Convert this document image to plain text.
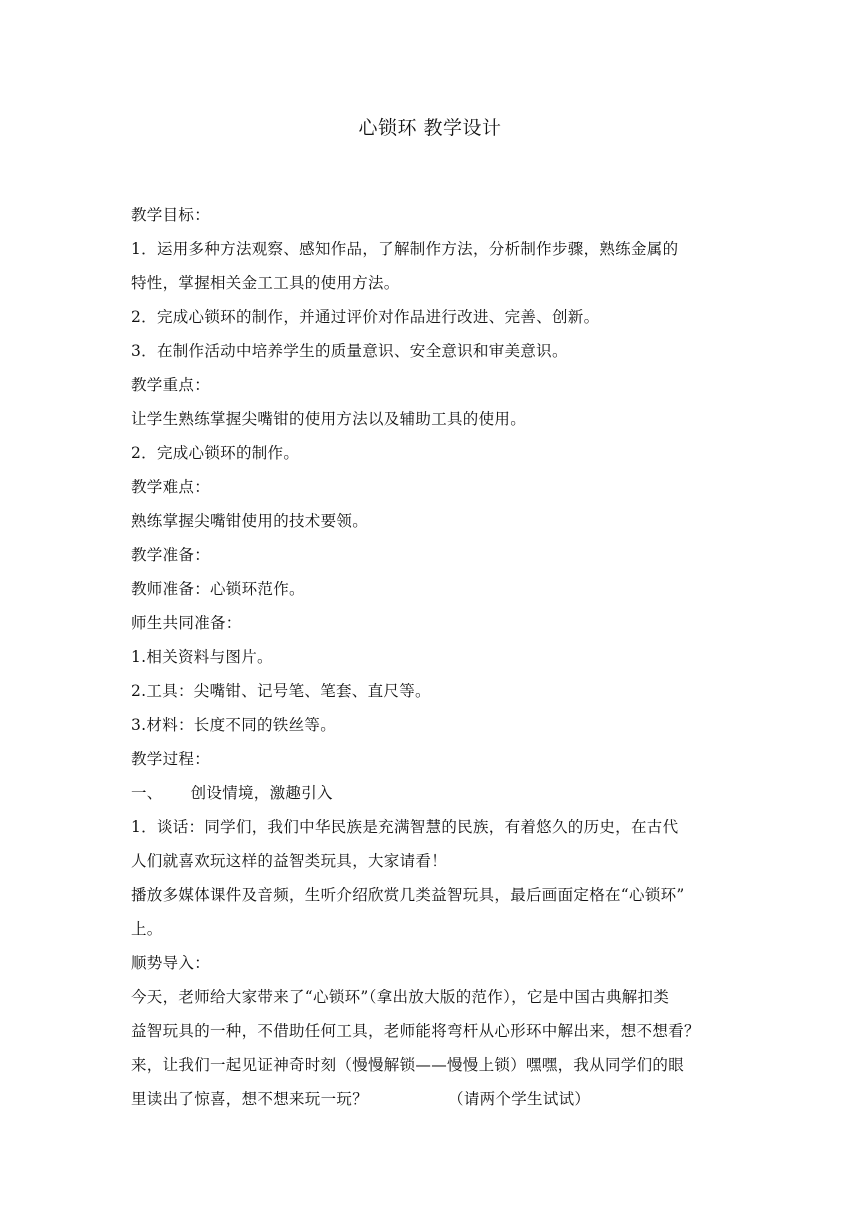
心锁环 教学设计

教学目标：

1．运用多种方法观察、感知作品，了解制作方法，分析制作步骤，熟练金属的

特性，掌握相关金工工具的使用方法。

2．完成心锁环的制作，并通过评价对作品进行改进、完善、创新。

3．在制作活动中培养学生的质量意识、安全意识和审美意识。

教学重点：

让学生熟练掌握尖嘴钳的使用方法以及辅助工具的使用。

2．完成心锁环的制作。

教学难点：

熟练掌握尖嘴钳使用的技术要领。

教学准备：

教师准备：心锁环范作。

师生共同准备：

1.相关资料与图片。

2.工具：尖嘴钳、记号笔、笔套、直尺等。

3.材料：长度不同的铁丝等。

教学过程：

一、 创设情境，激趣引入

1．谈话：同学们，我们中华民族是充满智慧的民族，有着悠久的历史，在古代

人们就喜欢玩这样的益智类玩具，大家请看！

播放多媒体课件及音频，生听介绍欣赏几类益智玩具，最后画面定格在“心锁环”

上。

顺势导入：

今天，老师给大家带来了“心锁环”（拿出放大版的范作），它是中国古典解扣类

益智玩具的一种，不借助任何工具，老师能将弯杆从心形环中解出来，想不想看？

来，让我们一起见证神奇时刻（慢慢解锁——慢慢上锁）嘿嘿，我从同学们的眼

里读出了惊喜，想不想来玩一玩？	（请两个学生试试）
